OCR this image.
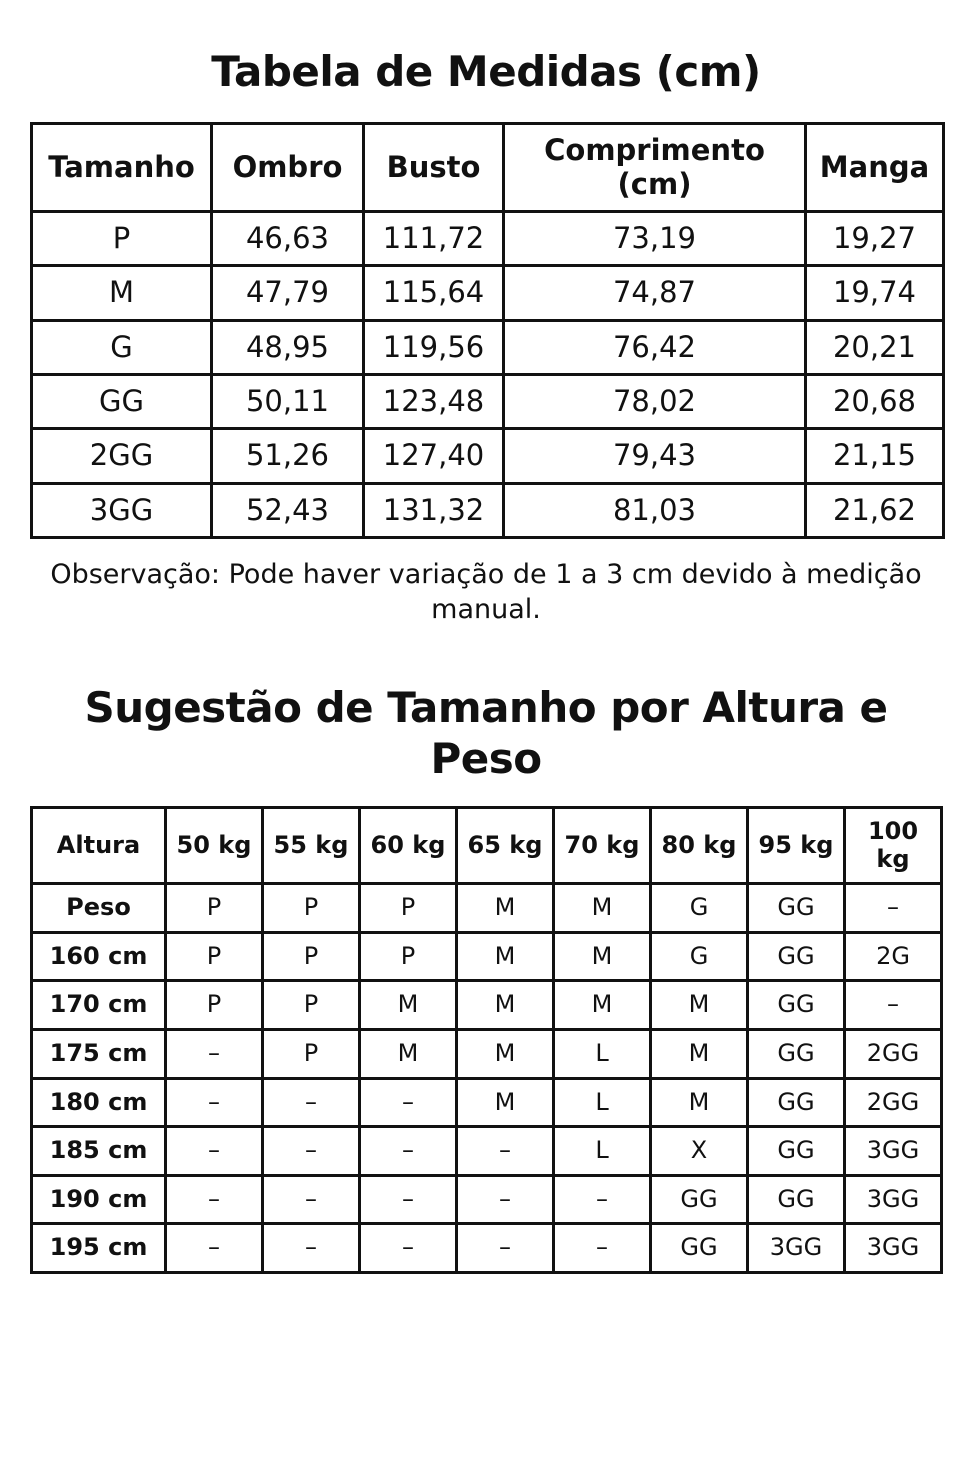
Tabela de Medidas (cm)
Tamanho	Ombro	Busto	Comprimento (cm)	Manga
P	46,63	111,72	73,19	19,27
M	47,79	115,64	74,87	19,74
G	48,95	119,56	76,42	20,21
GG	50,11	123,48	78,02	20,68
2GG	51,26	127,40	79,43	21,15
3GG	52,43	131,32	81,03	21,62

Observação: Pode haver variação de 1 a 3 cm devido à medição manual.

Sugestão de Tamanho por Altura e Peso
Altura	50 kg	55 kg	60 kg	65 kg	70 kg	80 kg	95 kg	100 kg
Peso	P	P	P	M	M	G	GG	–
160 cm	P	P	P	M	M	G	GG	2G
170 cm	P	P	M	M	M	M	GG	–
175 cm	–	P	M	M	L	M	GG	2GG
180 cm	–	–	–	M	L	M	GG	2GG
185 cm	–	–	–	–	L	X	GG	3GG
190 cm	–	–	–	–	–	GG	GG	3GG
195 cm	–	–	–	–	–	GG	3GG	3GG
